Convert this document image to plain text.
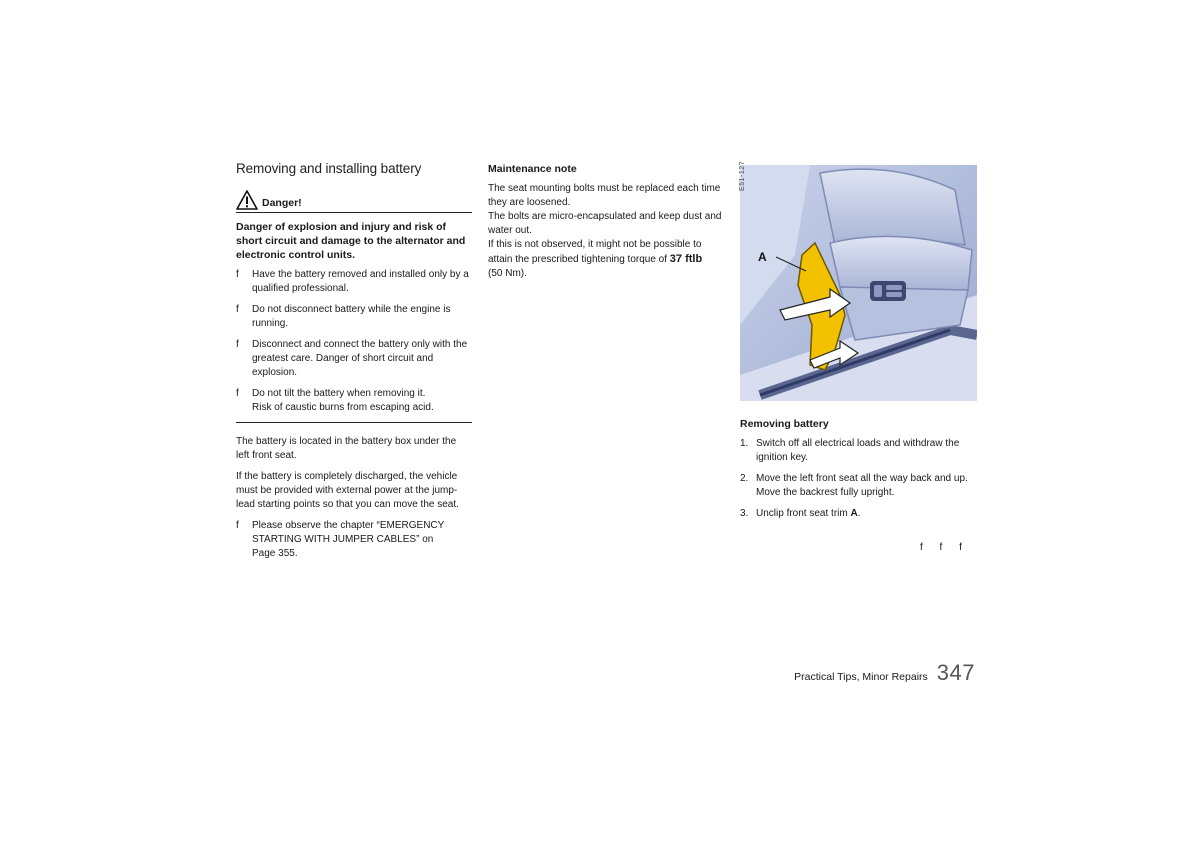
Removing and installing battery
Danger!

Danger of explosion and injury and risk of short circuit and damage to the alternator and electronic control units.

f	Have the battery removed and installed only by a qualified professional.
f	Do not disconnect battery while the engine is running.
f	Disconnect and connect the battery only with the greatest care. Danger of short circuit and explosion.
f	Do not tilt the battery when removing it.
Risk of caustic burns from escaping acid.

The battery is located in the battery box under the left front seat.

If the battery is completely discharged, the vehicle must be provided with external power at the jump-lead starting points so that you can move the seat.

f	Please observe the chapter “EMERGENCY STARTING WITH JUMPER CABLES” on
Page 355.
Maintenance note

The seat mounting bolts must be replaced each time they are loosened.

The bolts are micro-encapsulated and keep dust and water out.

If this is not observed, it might not be possible to attain the prescribed tightening torque of 37 ftlb
(50 Nm).

A
E51-127
Removing battery
1. Switch off all electrical loads and withdraw the ignition key.
2. Move the left front seat all the way back and up.
Move the backrest fully upright.
3. Unclip front seat trim A.
f f f
Practical Tips, Minor Repairs 347
